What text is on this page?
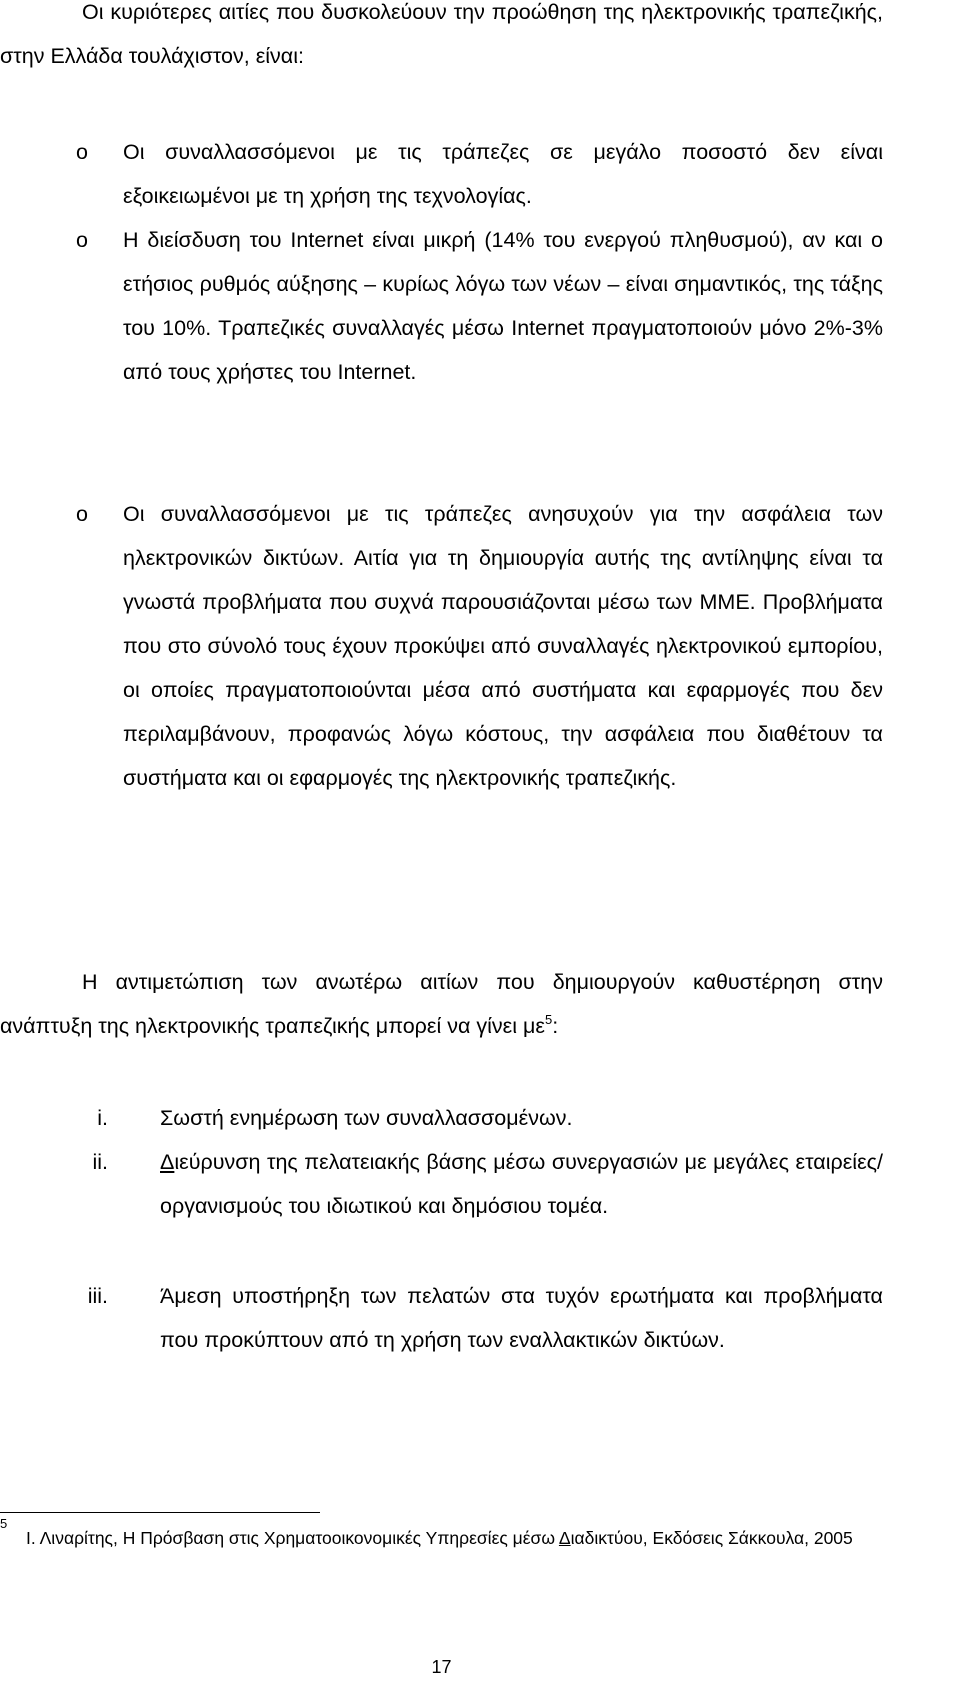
Οι κυριότερες αιτίες που δυσκολεύουν την προώθηση της ηλεκτρονικής τραπεζικής, στην Ελλάδα τουλάχιστον, είναι:

o	Οι συναλλασσόμενοι με τις τράπεζες σε μεγάλο ποσοστό δεν είναι εξοικειωμένοι με τη χρήση της τεχνολογίας.

o	Η διείσδυση του Internet είναι μικρή (14% του ενεργού πληθυσμού), αν και ο ετήσιος ρυθμός αύξησης – κυρίως λόγω των νέων – είναι σημαντικός, της τάξης του 10%. Τραπεζικές συναλλαγές μέσω Internet πραγματοποιούν μόνο 2%-3% από τους χρήστες του Internet.

o	Οι συναλλασσόμενοι με τις τράπεζες ανησυχούν για την ασφάλεια των ηλεκτρονικών δικτύων. Αιτία για τη δημιουργία αυτής της αντίληψης είναι τα γνωστά προβλήματα που συχνά παρουσιάζονται μέσω των ΜΜΕ. Προβλήματα που στο σύνολό τους έχουν προκύψει από συναλλαγές ηλεκτρονικού εμπορίου, οι οποίες πραγματοποιούνται μέσα από συστήματα και εφαρμογές που δεν περιλαμβάνουν, προφανώς λόγω κόστους, την ασφάλεια που διαθέτουν τα συστήματα και οι εφαρμογές της ηλεκτρονικής τραπεζικής.

Η αντιμετώπιση των ανωτέρω αιτίων που δημιουργούν καθυστέρηση στην ανάπτυξη της ηλεκτρονικής τραπεζικής μπορεί να γίνει $\mu\varepsilon^5$:

i. Σωστή ενημέρωση των συναλλασσομένων.

ii. Διεύρυνση της πελατειακής βάσης μέσω συνεργασιών με μεγάλες εταιρείες/ οργανισμούς του ιδιωτικού και δημόσιου τομέα.

iii. Άμεση υποστήρηξη των πελατών στα τυχόν ερωτήματα και προβλήματα που προκύπτουν από τη χρήση των εναλλακτικών δικτύων.

5
Ι. Λιναρίτης, Η Πρόσβαση στις Χρηματοοικονομικές Υπηρεσίες μέσω Διαδικτύου, Εκδόσεις Σάκκουλα, 2005

17
